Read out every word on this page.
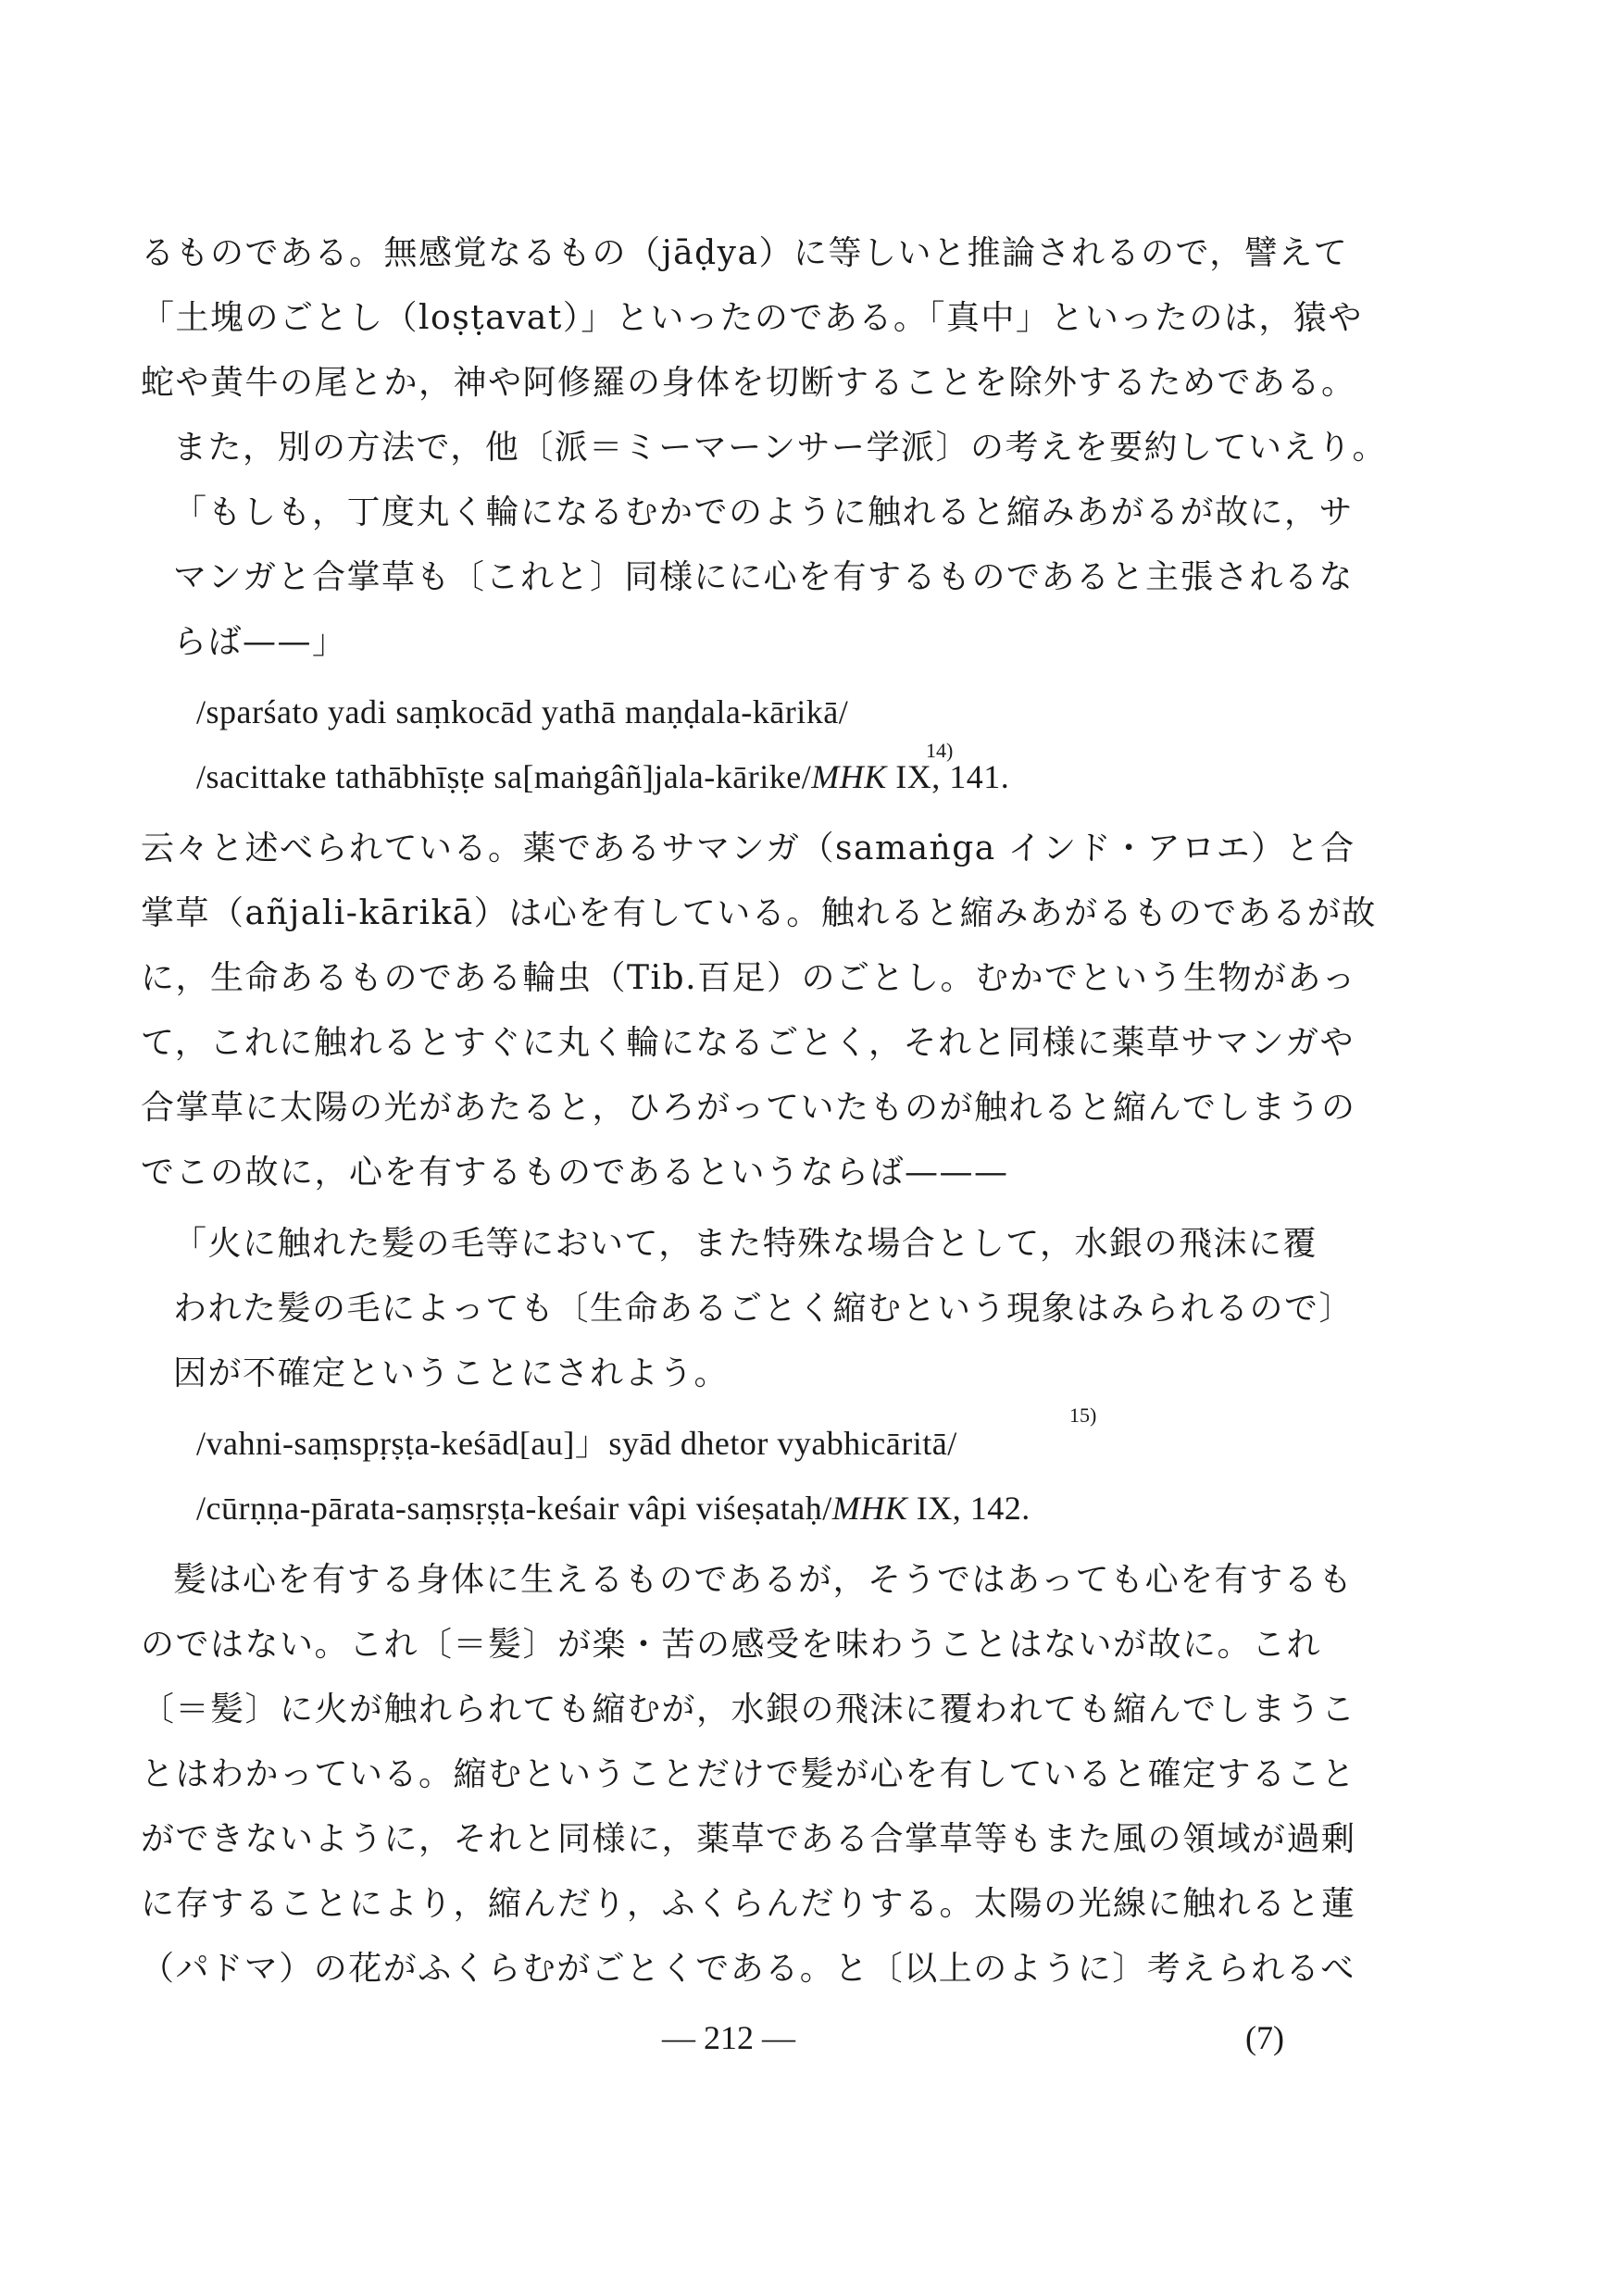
るものである。無感覚なるもの（jāḍya）に等しいと推論されるので，譬えて
「土塊のごとし（loṣṭavat）」といったのである。「真中」といったのは，猿や
蛇や黄牛の尾とか，神や阿修羅の身体を切断することを除外するためである。
また，別の方法で，他〔派＝ミーマーンサー学派〕の考えを要約していえり。
「もしも，丁度丸く輪になるむかでのように触れると縮みあがるが故に，サ
マンガと合掌草も〔これと〕同様にに心を有するものであると主張されるな
らば——」
/sparśato yadi saṃkocād yathā maṇḍala-kārikā/
/sacittake tathābhīṣṭe sa[maṅgâñ]jala-kārike/MHK IX, 141.
14)
云々と述べられている。薬であるサマンガ（samaṅga インド・アロエ）と合
掌草（añjali-kārikā）は心を有している。触れると縮みあがるものであるが故
に，生命あるものである輪虫（Tib.百足）のごとし。むかでという生物があっ
て，これに触れるとすぐに丸く輪になるごとく，それと同様に薬草サマンガや
合掌草に太陽の光があたると，ひろがっていたものが触れると縮んでしまうの
でこの故に，心を有するものであるというならば———
「火に触れた髪の毛等において，また特殊な場合として，水銀の飛沫に覆
われた髪の毛によっても〔生命あるごとく縮むという現象はみられるので〕
因が不確定ということにされよう。
/vahni-saṃspṛṣṭa-keśād[au]」syād dhetor vyabhicāritā/
15)
/cūrṇṇa-pārata-saṃsṛṣṭa-keśair vâpi viśeṣataḥ/MHK IX, 142.
髪は心を有する身体に生えるものであるが，そうではあっても心を有するも
のではない。これ〔＝髪〕が楽・苦の感受を味わうことはないが故に。これ
〔＝髪〕に火が触れられても縮むが，水銀の飛沫に覆われても縮んでしまうこ
とはわかっている。縮むということだけで髪が心を有していると確定すること
ができないように，それと同様に，薬草である合掌草等もまた風の領域が過剰
に存することにより，縮んだり，ふくらんだりする。太陽の光線に触れると蓮
（パドマ）の花がふくらむがごとくである。と〔以上のように〕考えられるべ
— 212 —	(7)
